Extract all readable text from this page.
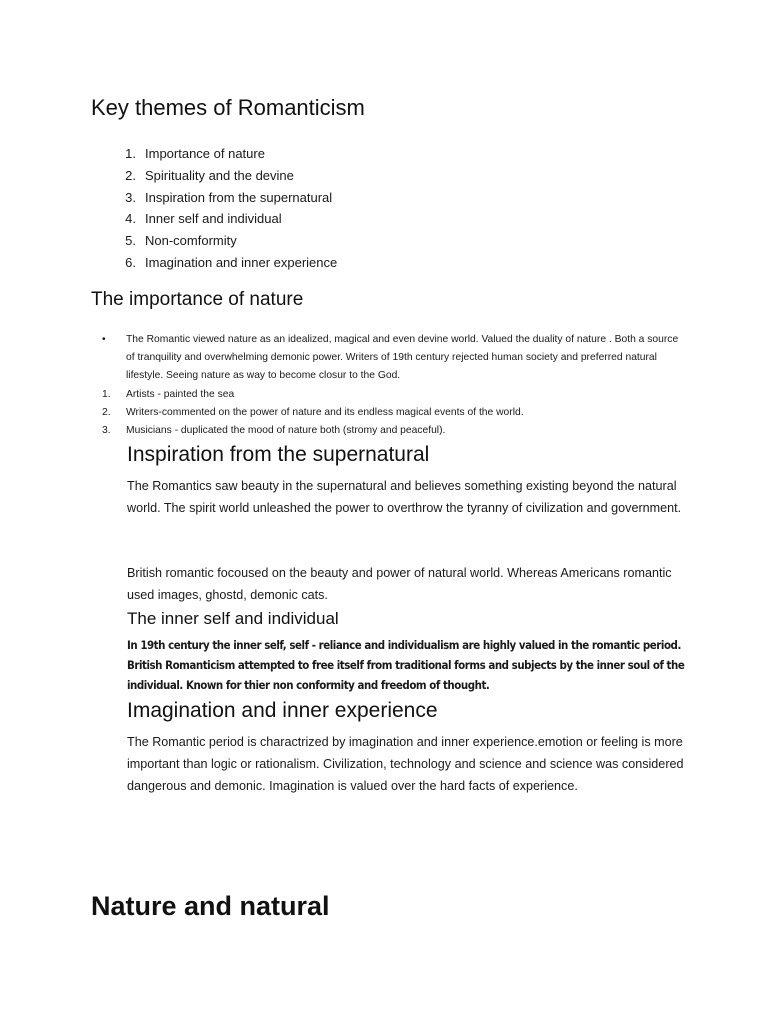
Key themes of Romanticism
1. Importance of nature
2. Spirituality and the devine
3. Inspiration from the supernatural
4. Inner self and individual
5. Non-comformity
6. Imagination and inner experience
The importance of nature
•	The Romantic viewed nature as an idealized, magical and even devine world. Valued the duality of nature . Both a source of tranquility and overwhelming demonic power. Writers of 19th century rejected human society and preferred natural lifestyle. Seeing nature as way to become closur to the God.
1.	Artists - painted the sea
2.	Writers-commented on the power of nature and its endless magical events of the world.
3.	Musicians - duplicated the mood of nature both (stromy and peaceful).
Inspiration from the supernatural

The Romantics saw beauty in the supernatural and believes something existing beyond the natural world. The spirit world unleashed the power to overthrow the tyranny of civilization and government.

British romantic focoused on the beauty and power of natural world. Whereas Americans romantic used images, ghostd, demonic cats.

The inner self and individual

In 19th century the inner self, self - reliance and individualism are highly valued in the romantic period. British Romanticism attempted to free itself from traditional forms and subjects by the inner soul of the individual. Known for thier non conformity and freedom of thought.

Imagination and inner experience

The Romantic period is charactrized by imagination and inner experience.emotion or feeling is more important than logic or rationalism. Civilization, technology and science and science was considered dangerous and demonic. Imagination is valued over the hard facts of experience.

Nature and natural
